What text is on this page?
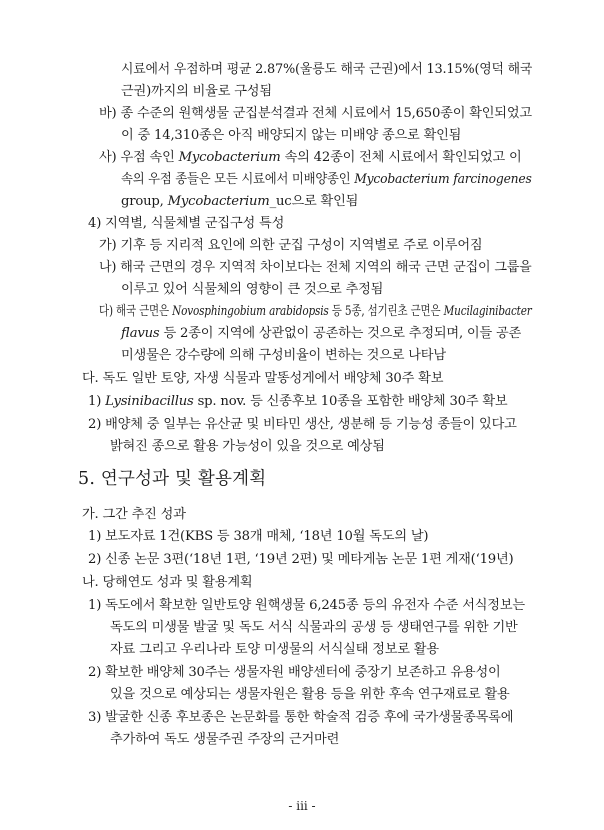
시료에서 우점하며 평균 2.87%(울릉도 해국 근권)에서 13.15%(영덕 해국
근권)까지의 비율로 구성됨
바) 종 수준의 원핵생물 군집분석결과 전체 시료에서 15,650종이 확인되었고
이 중 14,310종은 아직 배양되지 않는 미배양 종으로 확인됨
사) 우점 속인 Mycobacterium 속의 42종이 전체 시료에서 확인되었고 이
속의 우점 종들은 모든 시료에서 미배양종인 Mycobacterium farcinogenes
group, Mycobacterium_uc으로 확인됨
4) 지역별, 식물체별 군집구성 특성
가) 기후 등 지리적 요인에 의한 군집 구성이 지역별로 주로 이루어짐
나) 해국 근면의 경우 지역적 차이보다는 전체 지역의 해국 근면 군집이 그룹을
이루고 있어 식물체의 영향이 큰 것으로 추정됨
다) 해국 근면은 Novosphingobium arabidopsis 등 5종, 섬기린초 근면은 Mucilaginibacter
flavus 등 2종이 지역에 상관없이 공존하는 것으로 추정되며, 이들 공존
미생물은 강수량에 의해 구성비율이 변하는 것으로 나타남
다. 독도 일반 토양, 자생 식물과 말똥성게에서 배양체 30주 확보
1) Lysinibacillus sp. nov. 등 신종후보 10종을 포함한 배양체 30주 확보
2) 배양체 중 일부는 유산균 및 비타민 생산, 생분해 등 기능성 종들이 있다고
밝혀진 종으로 활용 가능성이 있을 것으로 예상됨
가. 그간 추진 성과
1) 보도자료 1건(KBS 등 38개 매체, ‘18년 10월 독도의 날)
2) 신종 논문 3편(‘18년 1편, ‘19년 2편) 및 메타게놈 논문 1편 게재(‘19년)
나. 당해연도 성과 및 활용계획
1) 독도에서 확보한 일반토양 원핵생물 6,245종 등의 유전자 수준 서식정보는
독도의 미생물 발굴 및 독도 서식 식물과의 공생 등 생태연구를 위한 기반
자료 그리고 우리나라 토양 미생물의 서식실태 정보로 활용
2) 확보한 배양체 30주는 생물자원 배양센터에 중장기 보존하고 유용성이
있을 것으로 예상되는 생물자원은 활용 등을 위한 후속 연구재료로 활용
3) 발굴한 신종 후보종은 논문화를 통한 학술적 검증 후에 국가생물종목록에
추가하여 독도 생물주권 주장의 근거마련
5. 연구성과 및 활용계획
- iii -
